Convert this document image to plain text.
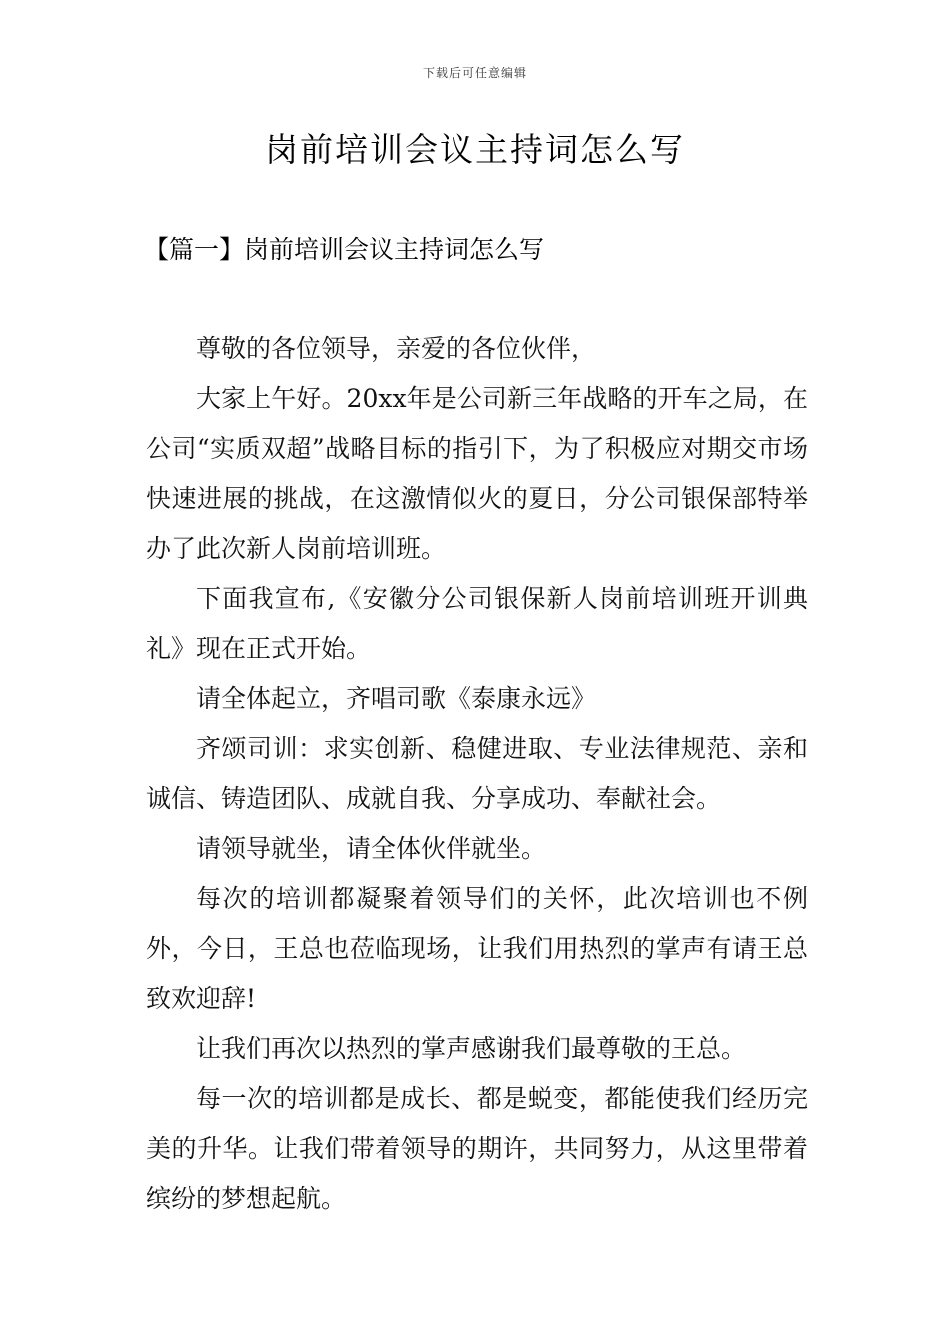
下载后可任意编辑
岗前培训会议主持词怎么写
【篇一】岗前培训会议主持词怎么写

尊敬的各位领导，亲爱的各位伙伴，

大家上午好。20xx年是公司新三年战略的开车之局，在公司“实质双超”战略目标的指引下，为了积极应对期交市场快速进展的挑战，在这激情似火的夏日，分公司银保部特举办了此次新人岗前培训班。

下面我宣布,《安徽分公司银保新人岗前培训班开训典礼》现在正式开始。

请全体起立，齐唱司歌《泰康永远》

齐颂司训：求实创新、稳健进取、专业法律规范、亲和诚信、铸造团队、成就自我、分享成功、奉献社会。

请领导就坐，请全体伙伴就坐。

每次的培训都凝聚着领导们的关怀，此次培训也不例外，今日，王总也莅临现场，让我们用热烈的掌声有请王总致欢迎辞!

让我们再次以热烈的掌声感谢我们最尊敬的王总。

每一次的培训都是成长、都是蜕变，都能使我们经历完美的升华。让我们带着领导的期许，共同努力，从这里带着缤纷的梦想起航。
